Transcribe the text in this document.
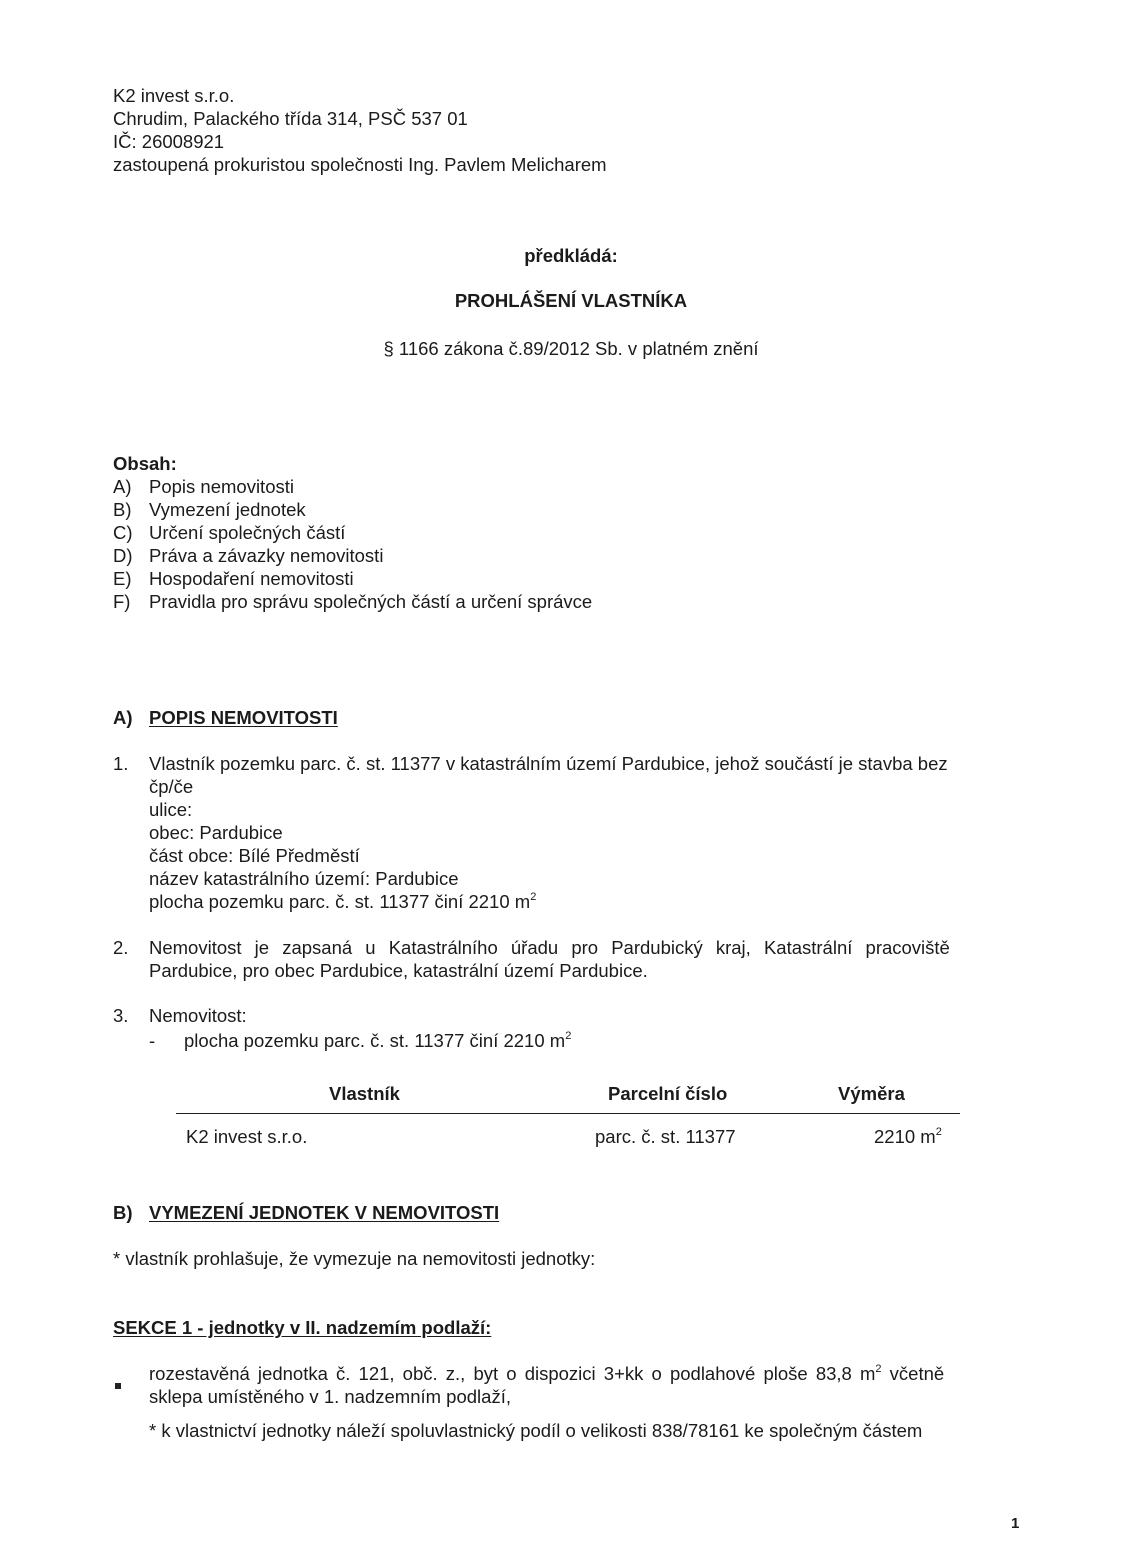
K2 invest s.r.o.
Chrudim, Palackého třída 314, PSČ 537 01
IČ: 26008921
zastoupená prokuristou společnosti Ing. Pavlem Melicharem
předkládá:
PROHLÁŠENÍ VLASTNÍKA
§ 1166 zákona č.89/2012 Sb. v platném znění
Obsah:
A) Popis nemovitosti
B) Vymezení jednotek
C) Určení společných částí
D) Práva a závazky nemovitosti
E) Hospodaření nemovitosti
F)	Pravidla pro správu společných částí a určení správce
A) POPIS NEMOVITOSTI
1.	Vlastník pozemku parc. č. st. 11377 v katastrálním území Pardubice, jehož součástí je stavba bez
čp/če
ulice:
obec: Pardubice
část obce: Bílé Předměstí
název katastrálního území: Pardubice
plocha pozemku parc. č. st. 11377 činí 2210 $m^2$
2.	Nemovitost je zapsaná u Katastrálního úřadu pro Pardubický kraj, Katastrální pracoviště
Pardubice, pro obec Pardubice, katastrální území Pardubice.
3.	Nemovitost:
-	plocha pozemku parc. č. st. 11377 činí 2210 $m^2$
Vlastník	Parcelní číslo	Výměra
K2 invest s.r.o.	parc. č. st. 11377	2210 $m^2$
B) VYMEZENÍ JEDNOTEK V NEMOVITOSTI
* vlastník prohlašuje, že vymezuje na nemovitosti jednotky:
SEKCE 1 - jednotky v II. nadzemím podlaží:
rozestavěná jednotka č. 121, obč. z., byt o dispozici 3+kk o podlahové ploše 83,8 $m^2$ včetně
sklepa umístěného v 1. nadzemním podlaží,
* k vlastnictví jednotky náleží spoluvlastnický podíl o velikosti 838/78161 ke společným částem
1
